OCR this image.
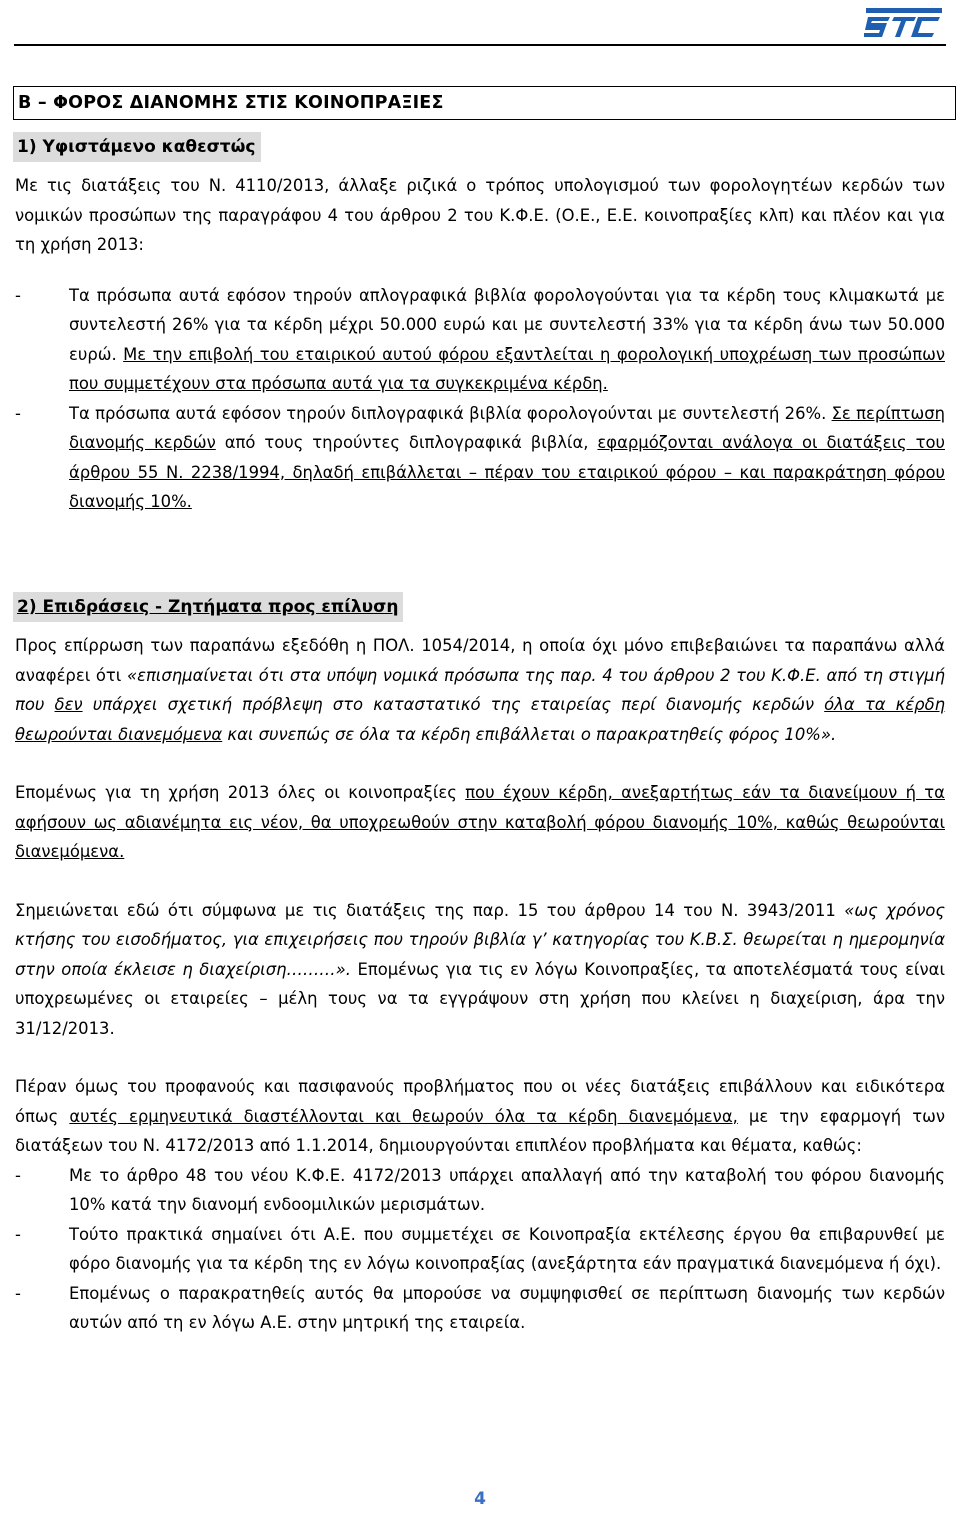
SAG
B – ΦΟΡΟΣ ΔΙΑΝΟΜΗΣ ΣΤΙΣ ΚΟΙΝΟΠΡΑΞΙΕΣ
1) Υφιστάμενο καθεστώς

Με τις διατάξεις του Ν. 4110/2013, άλλαξε ριζικά ο τρόπος υπολογισμού των φορολογητέων κερδών των νομικών προσώπων της παραγράφου 4 του άρθρου 2 του Κ.Φ.Ε. (Ο.Ε., Ε.Ε. κοινοπραξίες κλπ) και πλέον και για τη χρήση 2013:

-	Τα πρόσωπα αυτά εφόσον τηρούν απλογραφικά βιβλία φορολογούνται για τα κέρδη τους κλιμακωτά με συντελεστή 26% για τα κέρδη μέχρι 50.000 ευρώ και με συντελεστή 33% για τα κέρδη άνω των 50.000 ευρώ. Με την επιβολή του εταιρικού αυτού φόρου εξαντλείται η φορολογική υποχρέωση των προσώπων που συμμετέχουν στα πρόσωπα αυτά για τα συγκεκριμένα κέρδη.

-	Τα πρόσωπα αυτά εφόσον τηρούν διπλογραφικά βιβλία φορολογούνται με συντελεστή 26%. Σε περίπτωση διανομής κερδών από τους τηρούντες διπλογραφικά βιβλία, εφαρμόζονται ανάλογα οι διατάξεις του άρθρου 55 Ν. 2238/1994, δηλαδή επιβάλλεται – πέραν του εταιρικού φόρου – και παρακράτηση φόρου διανομής 10%.

2) Επιδράσεις - Ζητήματα προς επίλυση

Προς επίρρωση των παραπάνω εξεδόθη η ΠΟΛ. 1054/2014, η οποία όχι μόνο επιβεβαιώνει τα παραπάνω αλλά αναφέρει ότι «επισημαίνεται ότι στα υπόψη νομικά πρόσωπα της παρ. 4 του άρθρου 2 του Κ.Φ.Ε. από τη στιγμή που δεν υπάρχει σχετική πρόβλεψη στο καταστατικό της εταιρείας περί διανομής κερδών όλα τα κέρδη θεωρούνται διανεμόμενα και συνεπώς σε όλα τα κέρδη επιβάλλεται ο παρακρατηθείς φόρος 10%».

Επομένως για τη χρήση 2013 όλες οι κοινοπραξίες που έχουν κέρδη, ανεξαρτήτως εάν τα διανείμουν ή τα αφήσουν ως αδιανέμητα εις νέον, θα υποχρεωθούν στην καταβολή φόρου διανομής 10%, καθώς θεωρούνται διανεμόμενα.

Σημειώνεται εδώ ότι σύμφωνα με τις διατάξεις της παρ. 15 του άρθρου 14 του Ν. 3943/2011 «ως χρόνος κτήσης του εισοδήματος, για επιχειρήσεις που τηρούν βιβλία γ’ κατηγορίας του Κ.Β.Σ. θεωρείται η ημερομηνία στην οποία έκλεισε η διαχείριση………». Επομένως για τις εν λόγω Κοινοπραξίες, τα αποτελέσματά τους είναι υποχρεωμένες οι εταιρείες – μέλη τους να τα εγγράψουν στη χρήση που κλείνει η διαχείριση, άρα την 31/12/2013.

Πέραν όμως του προφανούς και πασιφανούς προβλήματος που οι νέες διατάξεις επιβάλλουν και ειδικότερα όπως αυτές ερμηνευτικά διαστέλλονται και θεωρούν όλα τα κέρδη διανεμόμενα, με την εφαρμογή των διατάξεων του Ν. 4172/2013 από 1.1.2014, δημιουργούνται επιπλέον προβλήματα και θέματα, καθώς:

-	Με το άρθρο 48 του νέου Κ.Φ.Ε. 4172/2013 υπάρχει απαλλαγή από την καταβολή του φόρου διανομής 10% κατά την διανομή ενδοομιλικών μερισμάτων.

-	Τούτο πρακτικά σημαίνει ότι Α.Ε. που συμμετέχει σε Κοινοπραξία εκτέλεσης έργου θα επιβαρυνθεί με φόρο διανομής για τα κέρδη της εν λόγω κοινοπραξίας (ανεξάρτητα εάν πραγματικά διανεμόμενα ή όχι).

-	Επομένως ο παρακρατηθείς αυτός θα μπορούσε να συμψηφισθεί σε περίπτωση διανομής των κερδών αυτών από τη εν λόγω Α.Ε. στην μητρική της εταιρεία.

4
